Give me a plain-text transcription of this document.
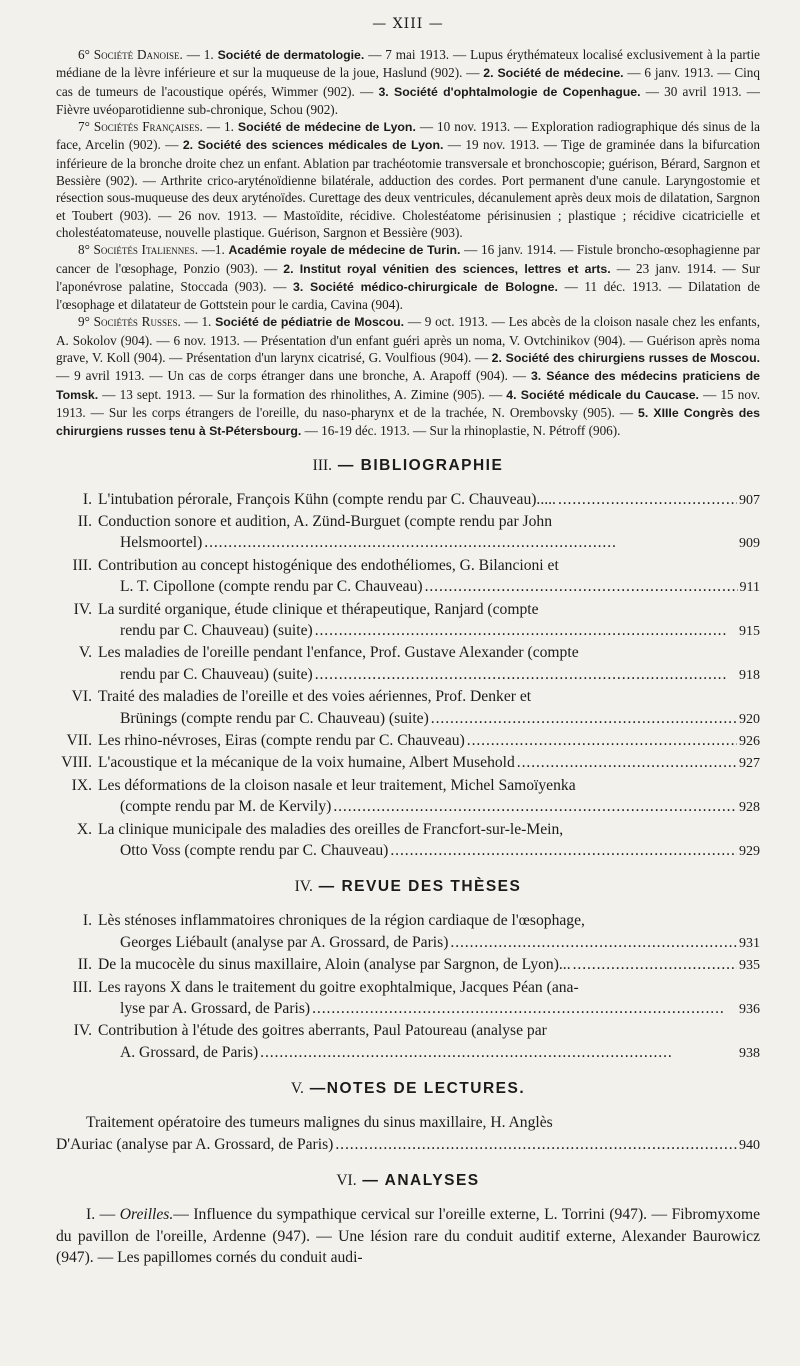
— XIII —

6° Société Danoise. — 1. Société de dermatologie. — 7 mai 1913. — Lupus érythémateux localisé exclusivement à la partie médiane de la lèvre inférieure et sur la muqueuse de la joue, Haslund (902). — 2. Société de médecine. — 6 janv. 1913. — Cinq cas de tumeurs de l'acoustique opérés, Wimmer (902). — 3. Société d'ophtalmologie de Copenhague. — 30 avril 1913. — Fièvre uvéoparotidienne sub-chronique, Schou (902).

7° Sociétés Françaises. — 1. Société de médecine de Lyon. — 10 nov. 1913. — Exploration radiographique dés sinus de la face, Arcelin (902). — 2. Société des sciences médicales de Lyon. — 19 nov. 1913. — Tige de graminée dans la bifurcation inférieure de la bronche droite chez un enfant. Ablation par trachéotomie transversale et bronchoscopie; guérison, Bérard, Sargnon et Bessière (902). — Arthrite crico-aryténoïdienne bilatérale, adduction des cordes. Port permanent d'une canule. Laryngostomie et résection sous-muqueuse des deux aryténoïdes. Curettage des deux ventricules, décanulement après deux mois de dilatation, Sargnon et Toubert (903). — 26 nov. 1913. — Mastoïdite, récidive. Cholestéatome périsinusien ; plastique ; récidive cicatricielle et cholestéatomateuse, nouvelle plastique. Guérison, Sargnon et Bessière (903).

8° Sociétés Italiennes. —1. Académie royale de médecine de Turin. — 16 janv. 1914. — Fistule broncho-œsophagienne par cancer de l'œsophage, Ponzio (903). — 2. Institut royal vénitien des sciences, lettres et arts. — 23 janv. 1914. — Sur l'aponévrose palatine, Stoccada (903). — 3. Société médico-chirurgicale de Bologne. — 11 déc. 1913. — Dilatation de l'œsophage et dilatateur de Gottstein pour le cardia, Cavina (904).

9° Sociétés Russes. — 1. Société de pédiatrie de Moscou. — 9 oct. 1913. — Les abcès de la cloison nasale chez les enfants, A. Sokolov (904). — 6 nov. 1913. — Présentation d'un enfant guéri après un noma, V. Ovtchinikov (904). — Guérison après noma grave, V. Koll (904). — Présentation d'un larynx cicatrisé, G. Voulfious (904). — 2. Société des chirurgiens russes de Moscou. — 9 avril 1913. — Un cas de corps étranger dans une bronche, A. Arapoff (904). — 3. Séance des médecins praticiens de Tomsk. — 13 sept. 1913. — Sur la formation des rhinolithes, A. Zimine (905). — 4. Société médicale du Caucase. — 15 nov. 1913. — Sur les corps étrangers de l'oreille, du naso-pharynx et de la trachée, N. Orembovsky (905). — 5. XIIIe Congrès des chirurgiens russes tenu à St-Pétersbourg. — 16-19 déc. 1913. — Sur la rhinoplastie, N. Pétroff (906).

III. — BIBLIOGRAPHIE
I. L'intubation pérorale, François Kühn (compte rendu par C. Chauveau)..... . . .	907
II. Conduction sonore et audition, A. Zünd-Burguet (compte rendu par John
Helsmoortel) . . .	909
III. Contribution au concept histogénique des endothéliomes, G. Bilancioni et
L. T. Cipollone (compte rendu par C. Chauveau) . . .	911
IV. La surdité organique, étude clinique et thérapeutique, Ranjard (compte
rendu par C. Chauveau) (suite) . . .	915
V. Les maladies de l'oreille pendant l'enfance, Prof. Gustave Alexander (compte
rendu par C. Chauveau) (suite) . . .	918
VI. Traité des maladies de l'oreille et des voies aériennes, Prof. Denker et
Brünings (compte rendu par C. Chauveau) (suite) . . .	920
VII. Les rhino-névroses, Eiras (compte rendu par C. Chauveau) . . .	926
VIII. L'acoustique et la mécanique de la voix humaine, Albert Musehold . . .	927
IX. Les déformations de la cloison nasale et leur traitement, Michel Samoïyenka
(compte rendu par M. de Kervily) . . .	928
X. La clinique municipale des maladies des oreilles de Francfort-sur-le-Mein,
Otto Voss (compte rendu par C. Chauveau) . . .	929
IV. — REVUE DES THÈSES
I. Lès sténoses inflammatoires chroniques de la région cardiaque de l'œsophage,
Georges Liébault (analyse par A. Grossard, de Paris) . . .	931
II. De la mucocèle du sinus maxillaire, Aloin (analyse par Sargnon, de Lyon)... . . .	935
III. Les rayons X dans le traitement du goitre exophtalmique, Jacques Péan (ana-
lyse par A. Grossard, de Paris) . . .	936
IV. Contribution à l'étude des goitres aberrants, Paul Patoureau (analyse par
A. Grossard, de Paris) . . .	938
V. —NOTES DE LECTURES.
Traitement opératoire des tumeurs malignes du sinus maxillaire, H. Anglès
D'Auriac (analyse par A. Grossard, de Paris) . . .	940
VI. — ANALYSES

I. — Oreilles.— Influence du sympathique cervical sur l'oreille externe, L. Torrini (947). — Fibromyxome du pavillon de l'oreille, Ardenne (947). — Une lésion rare du conduit auditif externe, Alexander Baurowicz (947). — Les papillomes cornés du conduit audi-
